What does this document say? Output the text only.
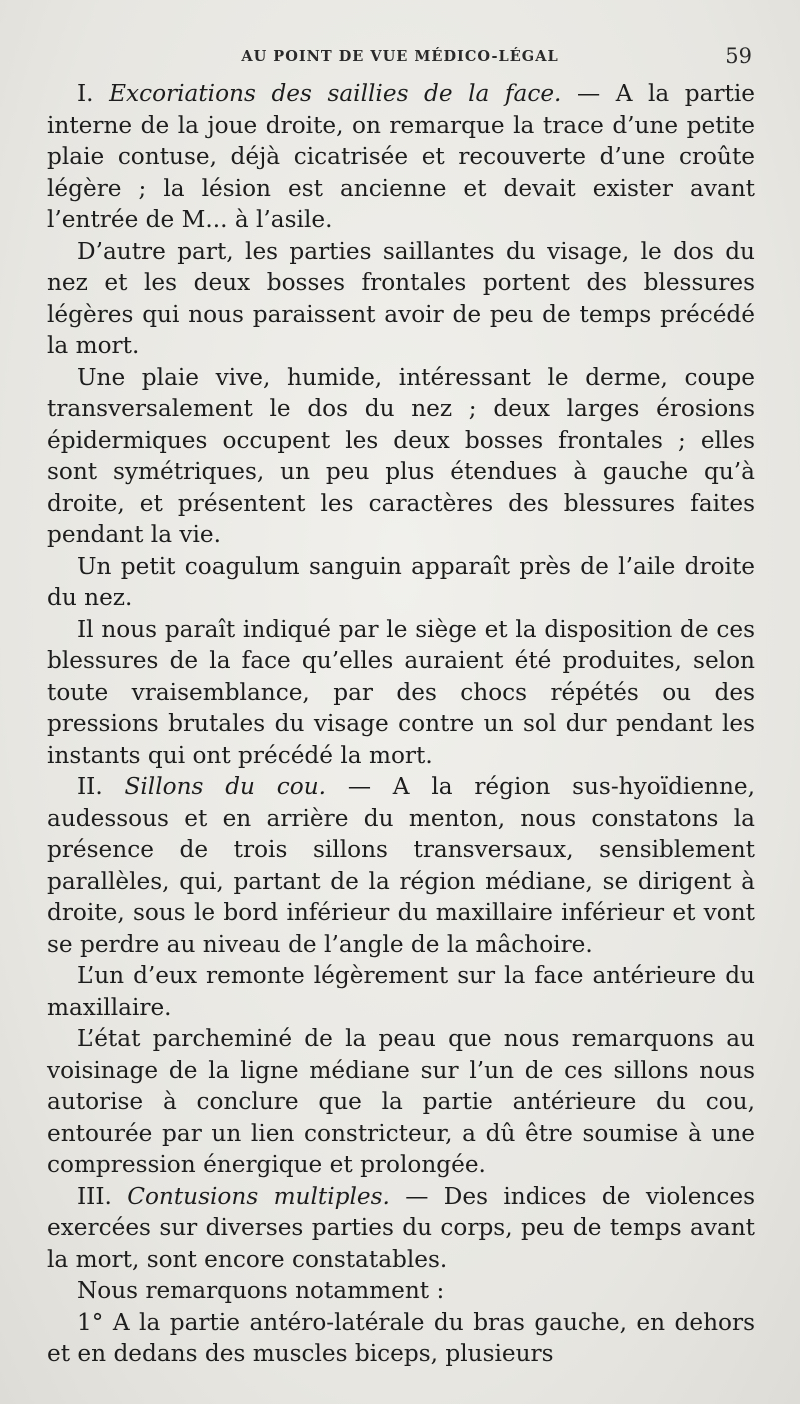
AU POINT DE VUE MÉDICO-LÉGAL	59

I. Excoriations des saillies de la face. — A la partie interne de la joue droite, on remarque la trace d’une petite plaie contuse, déjà cicatrisée et recouverte d’une croûte légère ; la lésion est ancienne et devait exister avant l’entrée de M... à l’asile.

D’autre part, les parties saillantes du visage, le dos du nez et les deux bosses frontales portent des blessures légères qui nous paraissent avoir de peu de temps précédé la mort.

Une plaie vive, humide, intéressant le derme, coupe transversalement le dos du nez ; deux larges érosions épidermiques occupent les deux bosses frontales ; elles sont symétriques, un peu plus étendues à gauche qu’à droite, et présentent les caractères des blessures faites pendant la vie.

Un petit coagulum sanguin apparaît près de l’aile droite du nez.

Il nous paraît indiqué par le siège et la disposition de ces blessures de la face qu’elles auraient été produites, selon toute vraisemblance, par des chocs répétés ou des pressions brutales du visage contre un sol dur pendant les instants qui ont précédé la mort.

II. Sillons du cou. — A la région sus-hyoïdienne, audessous et en arrière du menton, nous constatons la présence de trois sillons transversaux, sensiblement parallèles, qui, partant de la région médiane, se dirigent à droite, sous le bord inférieur du maxillaire inférieur et vont se perdre au niveau de l’angle de la mâchoire.

L’un d’eux remonte légèrement sur la face antérieure du maxillaire.

L’état parcheminé de la peau que nous remarquons au voisinage de la ligne médiane sur l’un de ces sillons nous autorise à conclure que la partie antérieure du cou, entourée par un lien constricteur, a dû être soumise à une compression énergique et prolongée.

III. Contusions multiples. — Des indices de violences exercées sur diverses parties du corps, peu de temps avant la mort, sont encore constatables.

Nous remarquons notamment :

1° A la partie antéro-latérale du bras gauche, en dehors et en dedans des muscles biceps, plusieurs
